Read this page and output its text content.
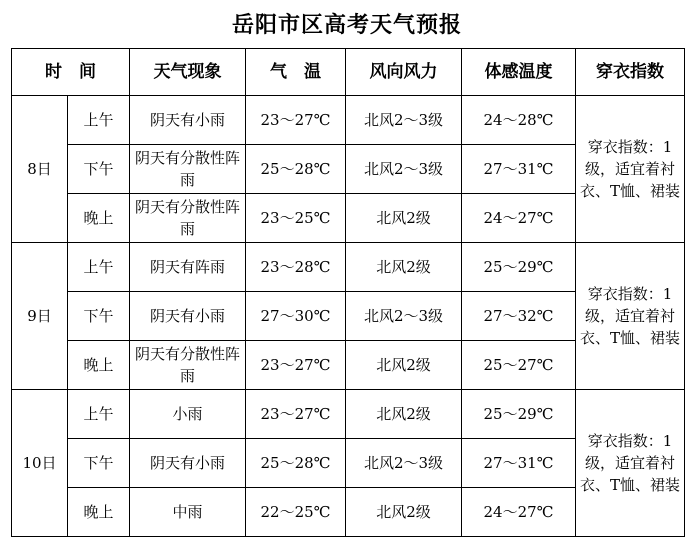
岳阳市区高考天气预报
时　间		天气现象	气　温	风向风力	体感温度	穿衣指数
8日	上午	阴天有小雨	23～27℃	北风2～3级	24～28℃	穿衣指数：1级，适宜着衬衣、T恤、裙装
	下午	阴天有分散性阵雨	25～28℃	北风2～3级	27～31℃	
	晚上	阴天有分散性阵雨	23～25℃	北风2级	24～27℃	
9日	上午	阴天有阵雨	23～28℃	北风2级	25～29℃	穿衣指数：1级，适宜着衬衣、T恤、裙装
	下午	阴天有小雨	27～30℃	北风2～3级	27～32℃	
	晚上	阴天有分散性阵雨	23～27℃	北风2级	25～27℃	
10日	上午	小雨	23～27℃	北风2级	25～29℃	穿衣指数：1级，适宜着衬衣、T恤、裙装
	下午	阴天有小雨	25～28℃	北风2～3级	27～31℃	
	晚上	中雨	22～25℃	北风2级	24～27℃	
